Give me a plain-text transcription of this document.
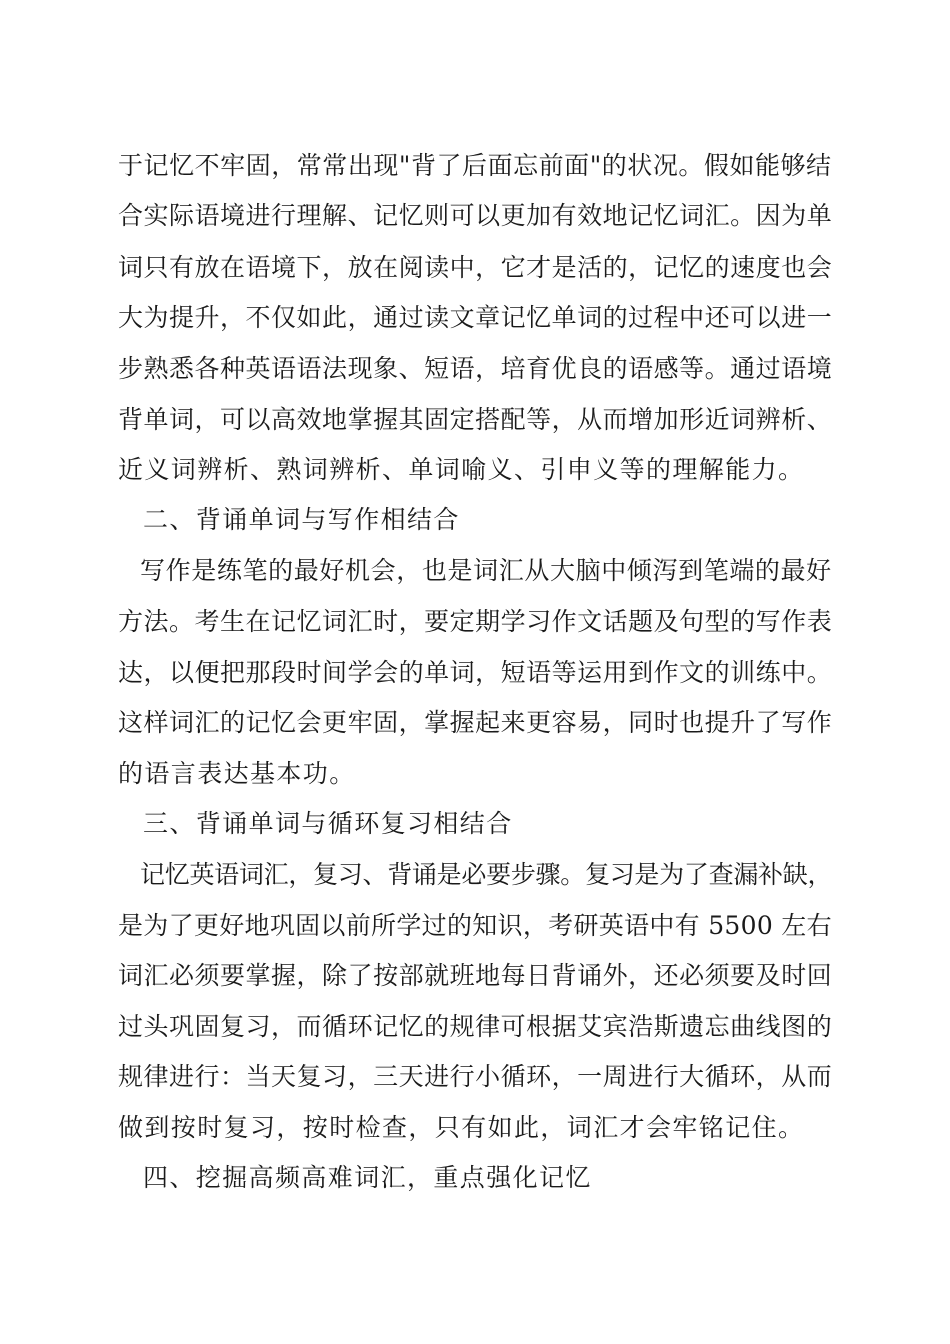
于记忆不牢固，常常出现"背了后面忘前面"的状况。假如能够结
合实际语境进行理解、记忆则可以更加有效地记忆词汇。因为单
词只有放在语境下，放在阅读中，它才是活的，记忆的速度也会
大为提升，不仅如此，通过读文章记忆单词的过程中还可以进一
步熟悉各种英语语法现象、短语，培育优良的语感等。通过语境
背单词，可以高效地掌握其固定搭配等，从而增加形近词辨析、
近义词辨析、熟词辨析、单词喻义、引申义等的理解能力。
二、背诵单词与写作相结合
写作是练笔的最好机会，也是词汇从大脑中倾泻到笔端的最好
方法。考生在记忆词汇时，要定期学习作文话题及句型的写作表
达，以便把那段时间学会的单词，短语等运用到作文的训练中。
这样词汇的记忆会更牢固，掌握起来更容易，同时也提升了写作
的语言表达基本功。
三、背诵单词与循环复习相结合
记忆英语词汇，复习、背诵是必要步骤。复习是为了查漏补缺，
是为了更好地巩固以前所学过的知识，考研英语中有 5500 左右
词汇必须要掌握，除了按部就班地每日背诵外，还必须要及时回
过头巩固复习，而循环记忆的规律可根据艾宾浩斯遗忘曲线图的
规律进行：当天复习，三天进行小循环，一周进行大循环，从而
做到按时复习，按时检查，只有如此，词汇才会牢铭记住。
四、挖掘高频高难词汇，重点强化记忆
